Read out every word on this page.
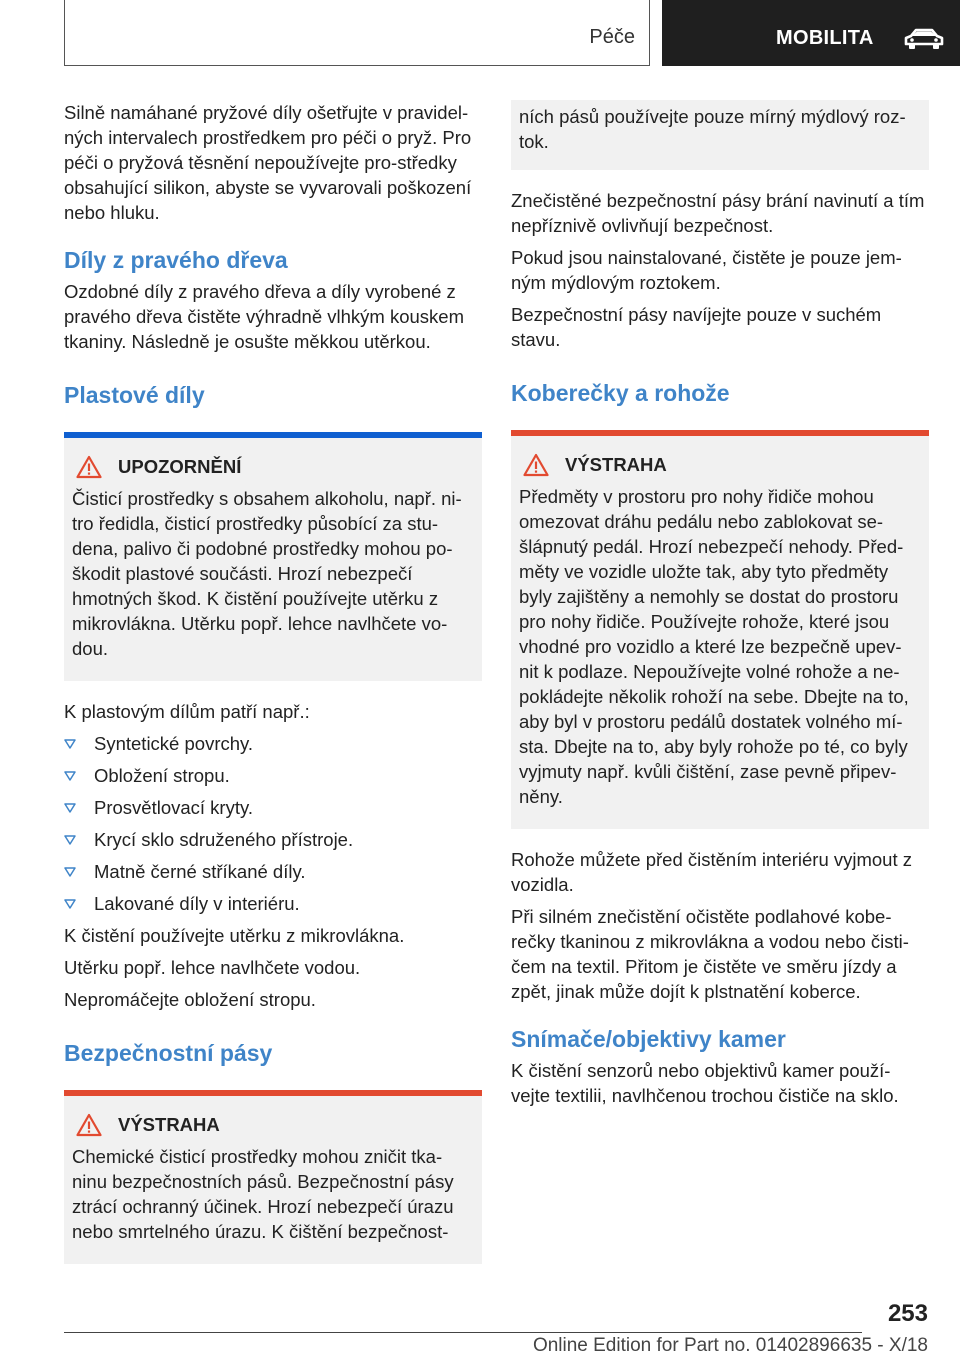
Péče	MOBILITA

Silně namáhané pryžové díly ošetřujte v pravidel-ných intervalech prostředkem pro péči o pryž. Pro péči o pryžová těsnění nepoužívejte pro-středky obsahující silikon, abyste se vyvarovali poškození nebo hluku.

Díly z pravého dřeva

Ozdobné díly z pravého dřeva a díly vyrobené z pravého dřeva čistěte výhradně vlhkým kouskem tkaniny. Následně je osušte měkkou utěrkou.

Plastové díly
UPOZORNĚNÍ
Čisticí prostředky s obsahem alkoholu, např. ni-tro ředidla, čisticí prostředky působící za stu-dena, palivo či podobné prostředky mohou po-škodit plastové součásti. Hrozí nebezpečí hmotných škod. K čistění používejte utěrku z mikrovlákna. Utěrku popř. lehce navlhčete vo-dou.

K plastovým dílům patří např.:

Syntetické povrchy.
Obložení stropu.
Prosvětlovací kryty.
Krycí sklo sdruženého přístroje.
Matně černé stříkané díly.
Lakované díly v interiéru.

K čistění používejte utěrku z mikrovlákna.

Utěrku popř. lehce navlhčete vodou.

Nepromáčejte obložení stropu.

Bezpečnostní pásy
VÝSTRAHA
Chemické čisticí prostředky mohou zničit tka-ninu bezpečnostních pásů. Bezpečnostní pásy ztrácí ochranný účinek. Hrozí nebezpečí úrazu nebo smrtelného úrazu. K čištění bezpečnost-
ních pásů používejte pouze mírný mýdlový roz-tok.

Znečistěné bezpečnostní pásy brání navinutí a tím nepříznivě ovlivňují bezpečnost.

Pokud jsou nainstalované, čistěte je pouze jem-ným mýdlovým roztokem.

Bezpečnostní pásy navíjejte pouze v suchém stavu.

Koberečky a rohože
VÝSTRAHA
Předměty v prostoru pro nohy řidiče mohou omezovat dráhu pedálu nebo zablokovat se-šlápnutý pedál. Hrozí nebezpečí nehody. Před-měty ve vozidle uložte tak, aby tyto předměty byly zajištěny a nemohly se dostat do prostoru pro nohy řidiče. Používejte rohože, které jsou vhodné pro vozidlo a které lze bezpečně upev-nit k podlaze. Nepoužívejte volné rohože a ne-pokládejte několik rohoží na sebe. Dbejte na to, aby byl v prostoru pedálů dostatek volného mí-sta. Dbejte na to, aby byly rohože po té, co byly vyjmuty např. kvůli čištění, zase pevně připev-něny.

Rohože můžete před čistěním interiéru vyjmout z vozidla.

Při silném znečistění očistěte podlahové kobe-rečky tkaninou z mikrovlákna a vodou nebo čisti-čem na textil. Přitom je čistěte ve směru jízdy a zpět, jinak může dojít k plstnatění koberce.

Snímače/objektivy kamer

K čistění senzorů nebo objektivů kamer použí-vejte textilii, navlhčenou trochou čističe na sklo.

253
Online Edition for Part no. 01402896635 - X/18
